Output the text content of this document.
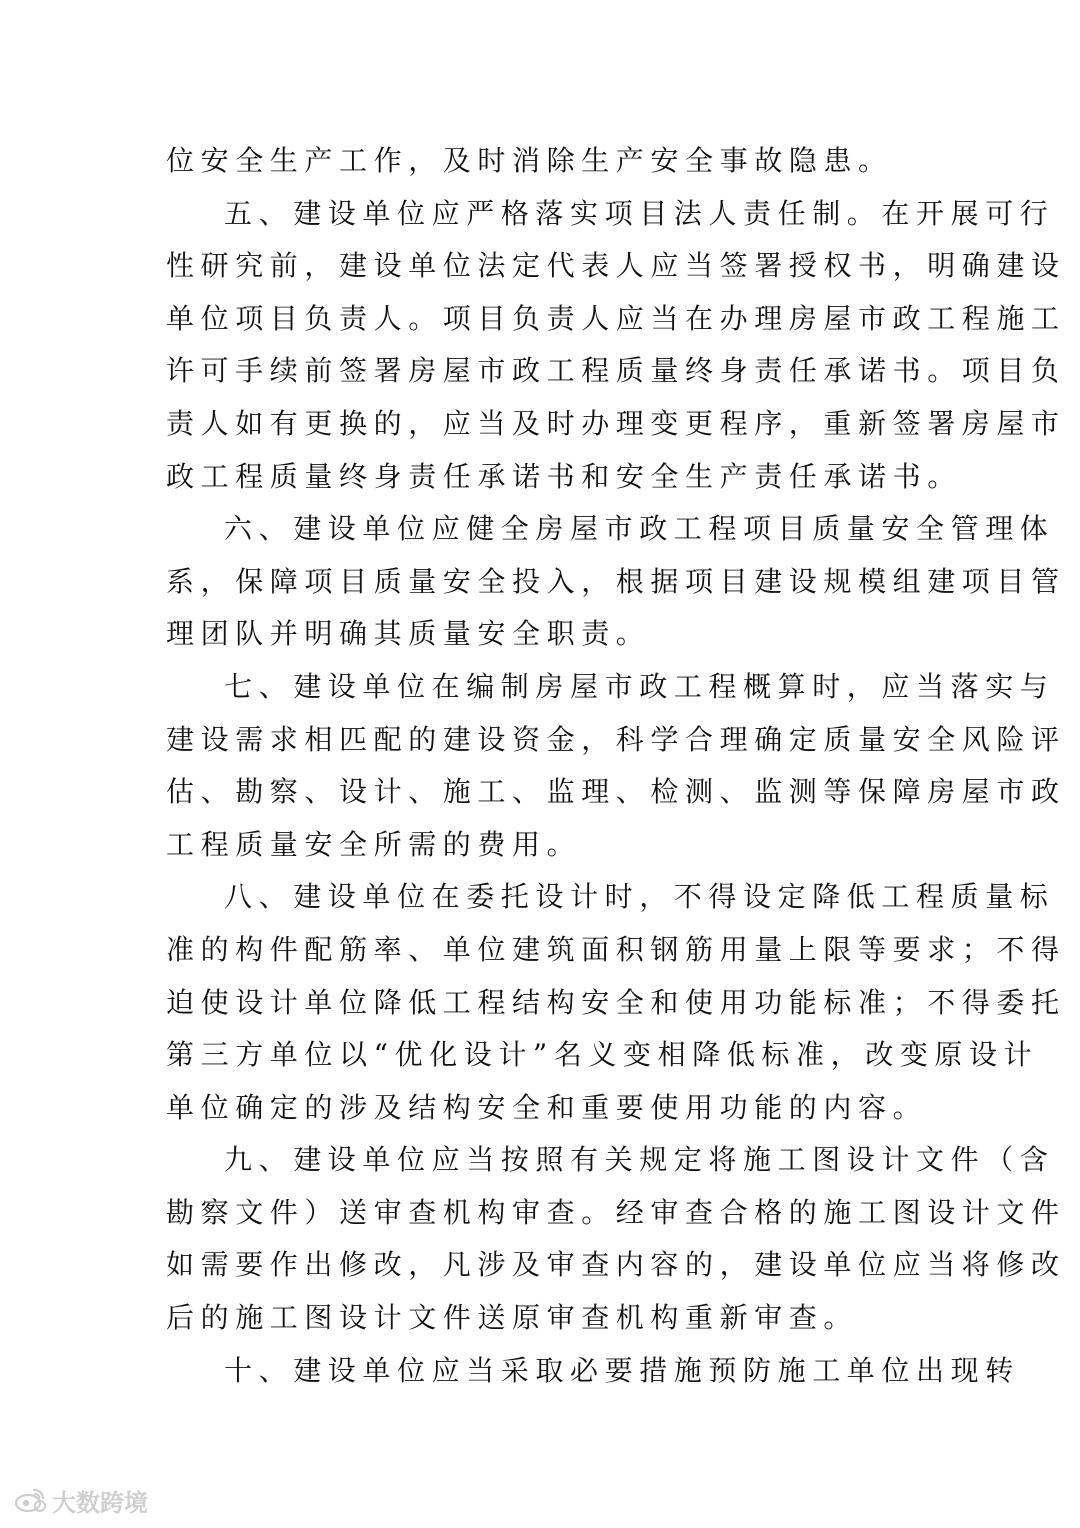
位安全生产工作，及时消除生产安全事故隐患。
五、建设单位应严格落实项目法人责任制。在开展可行
性研究前，建设单位法定代表人应当签署授权书，明确建设
单位项目负责人。项目负责人应当在办理房屋市政工程施工
许可手续前签署房屋市政工程质量终身责任承诺书。项目负
责人如有更换的，应当及时办理变更程序，重新签署房屋市
政工程质量终身责任承诺书和安全生产责任承诺书。
六、建设单位应健全房屋市政工程项目质量安全管理体
系，保障项目质量安全投入，根据项目建设规模组建项目管
理团队并明确其质量安全职责。
七、建设单位在编制房屋市政工程概算时，应当落实与
建设需求相匹配的建设资金，科学合理确定质量安全风险评
估、勘察、设计、施工、监理、检测、监测等保障房屋市政
工程质量安全所需的费用。
八、建设单位在委托设计时，不得设定降低工程质量标
准的构件配筋率、单位建筑面积钢筋用量上限等要求；不得
迫使设计单位降低工程结构安全和使用功能标准；不得委托
第三方单位以“优化设计”名义变相降低标准，改变原设计
单位确定的涉及结构安全和重要使用功能的内容。
九、建设单位应当按照有关规定将施工图设计文件（含
勘察文件）送审查机构审查。经审查合格的施工图设计文件
如需要作出修改，凡涉及审查内容的，建设单位应当将修改
后的施工图设计文件送原审查机构重新审查。
十、建设单位应当采取必要措施预防施工单位出现转
大数跨境
